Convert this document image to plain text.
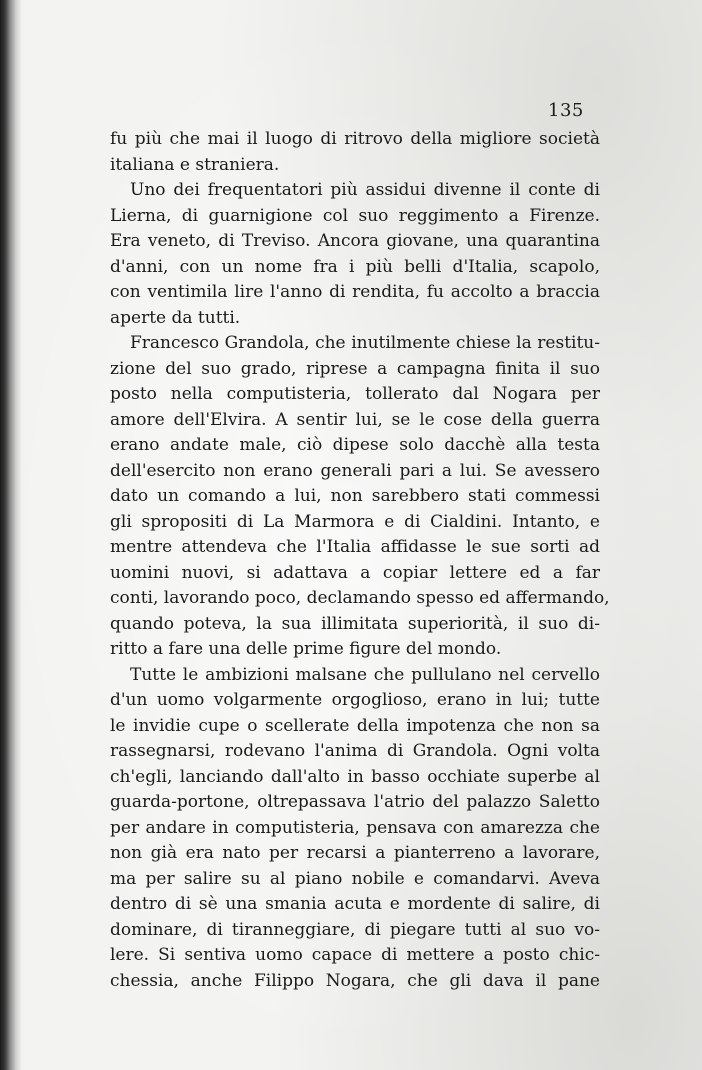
135
fu più che mai il luogo di ritrovo della migliore società
italiana e straniera.
Uno dei frequentatori più assidui divenne il conte di
Lierna, di guarnigione col suo reggimento a Firenze.
Era veneto, di Treviso. Ancora giovane, una quarantina
d'anni, con un nome fra i più belli d'Italia, scapolo,
con ventimila lire l'anno di rendita, fu accolto a braccia
aperte da tutti.
Francesco Grandola, che inutilmente chiese la restitu-
zione del suo grado, riprese a campagna finita il suo
posto nella computisteria, tollerato dal Nogara per
amore dell'Elvira. A sentir lui, se le cose della guerra
erano andate male, ciò dipese solo dacchè alla testa
dell'esercito non erano generali pari a lui. Se avessero
dato un comando a lui, non sarebbero stati commessi
gli spropositi di La Marmora e di Cialdini. Intanto, e
mentre attendeva che l'Italia affidasse le sue sorti ad
uomini nuovi, si adattava a copiar lettere ed a far
conti, lavorando poco, declamando spesso ed affermando,
quando poteva, la sua illimitata superiorità, il suo di-
ritto a fare una delle prime figure del mondo.
Tutte le ambizioni malsane che pullulano nel cervello
d'un uomo volgarmente orgoglioso, erano in lui; tutte
le invidie cupe o scellerate della impotenza che non sa
rassegnarsi, rodevano l'anima di Grandola. Ogni volta
ch'egli, lanciando dall'alto in basso occhiate superbe al
guarda-portone, oltrepassava l'atrio del palazzo Saletto
per andare in computisteria, pensava con amarezza che
non già era nato per recarsi a pianterreno a lavorare,
ma per salire su al piano nobile e comandarvi. Aveva
dentro di sè una smania acuta e mordente di salire, di
dominare, di tiranneggiare, di piegare tutti al suo vo-
lere. Si sentiva uomo capace di mettere a posto chic-
chessia, anche Filippo Nogara, che gli dava il pane
